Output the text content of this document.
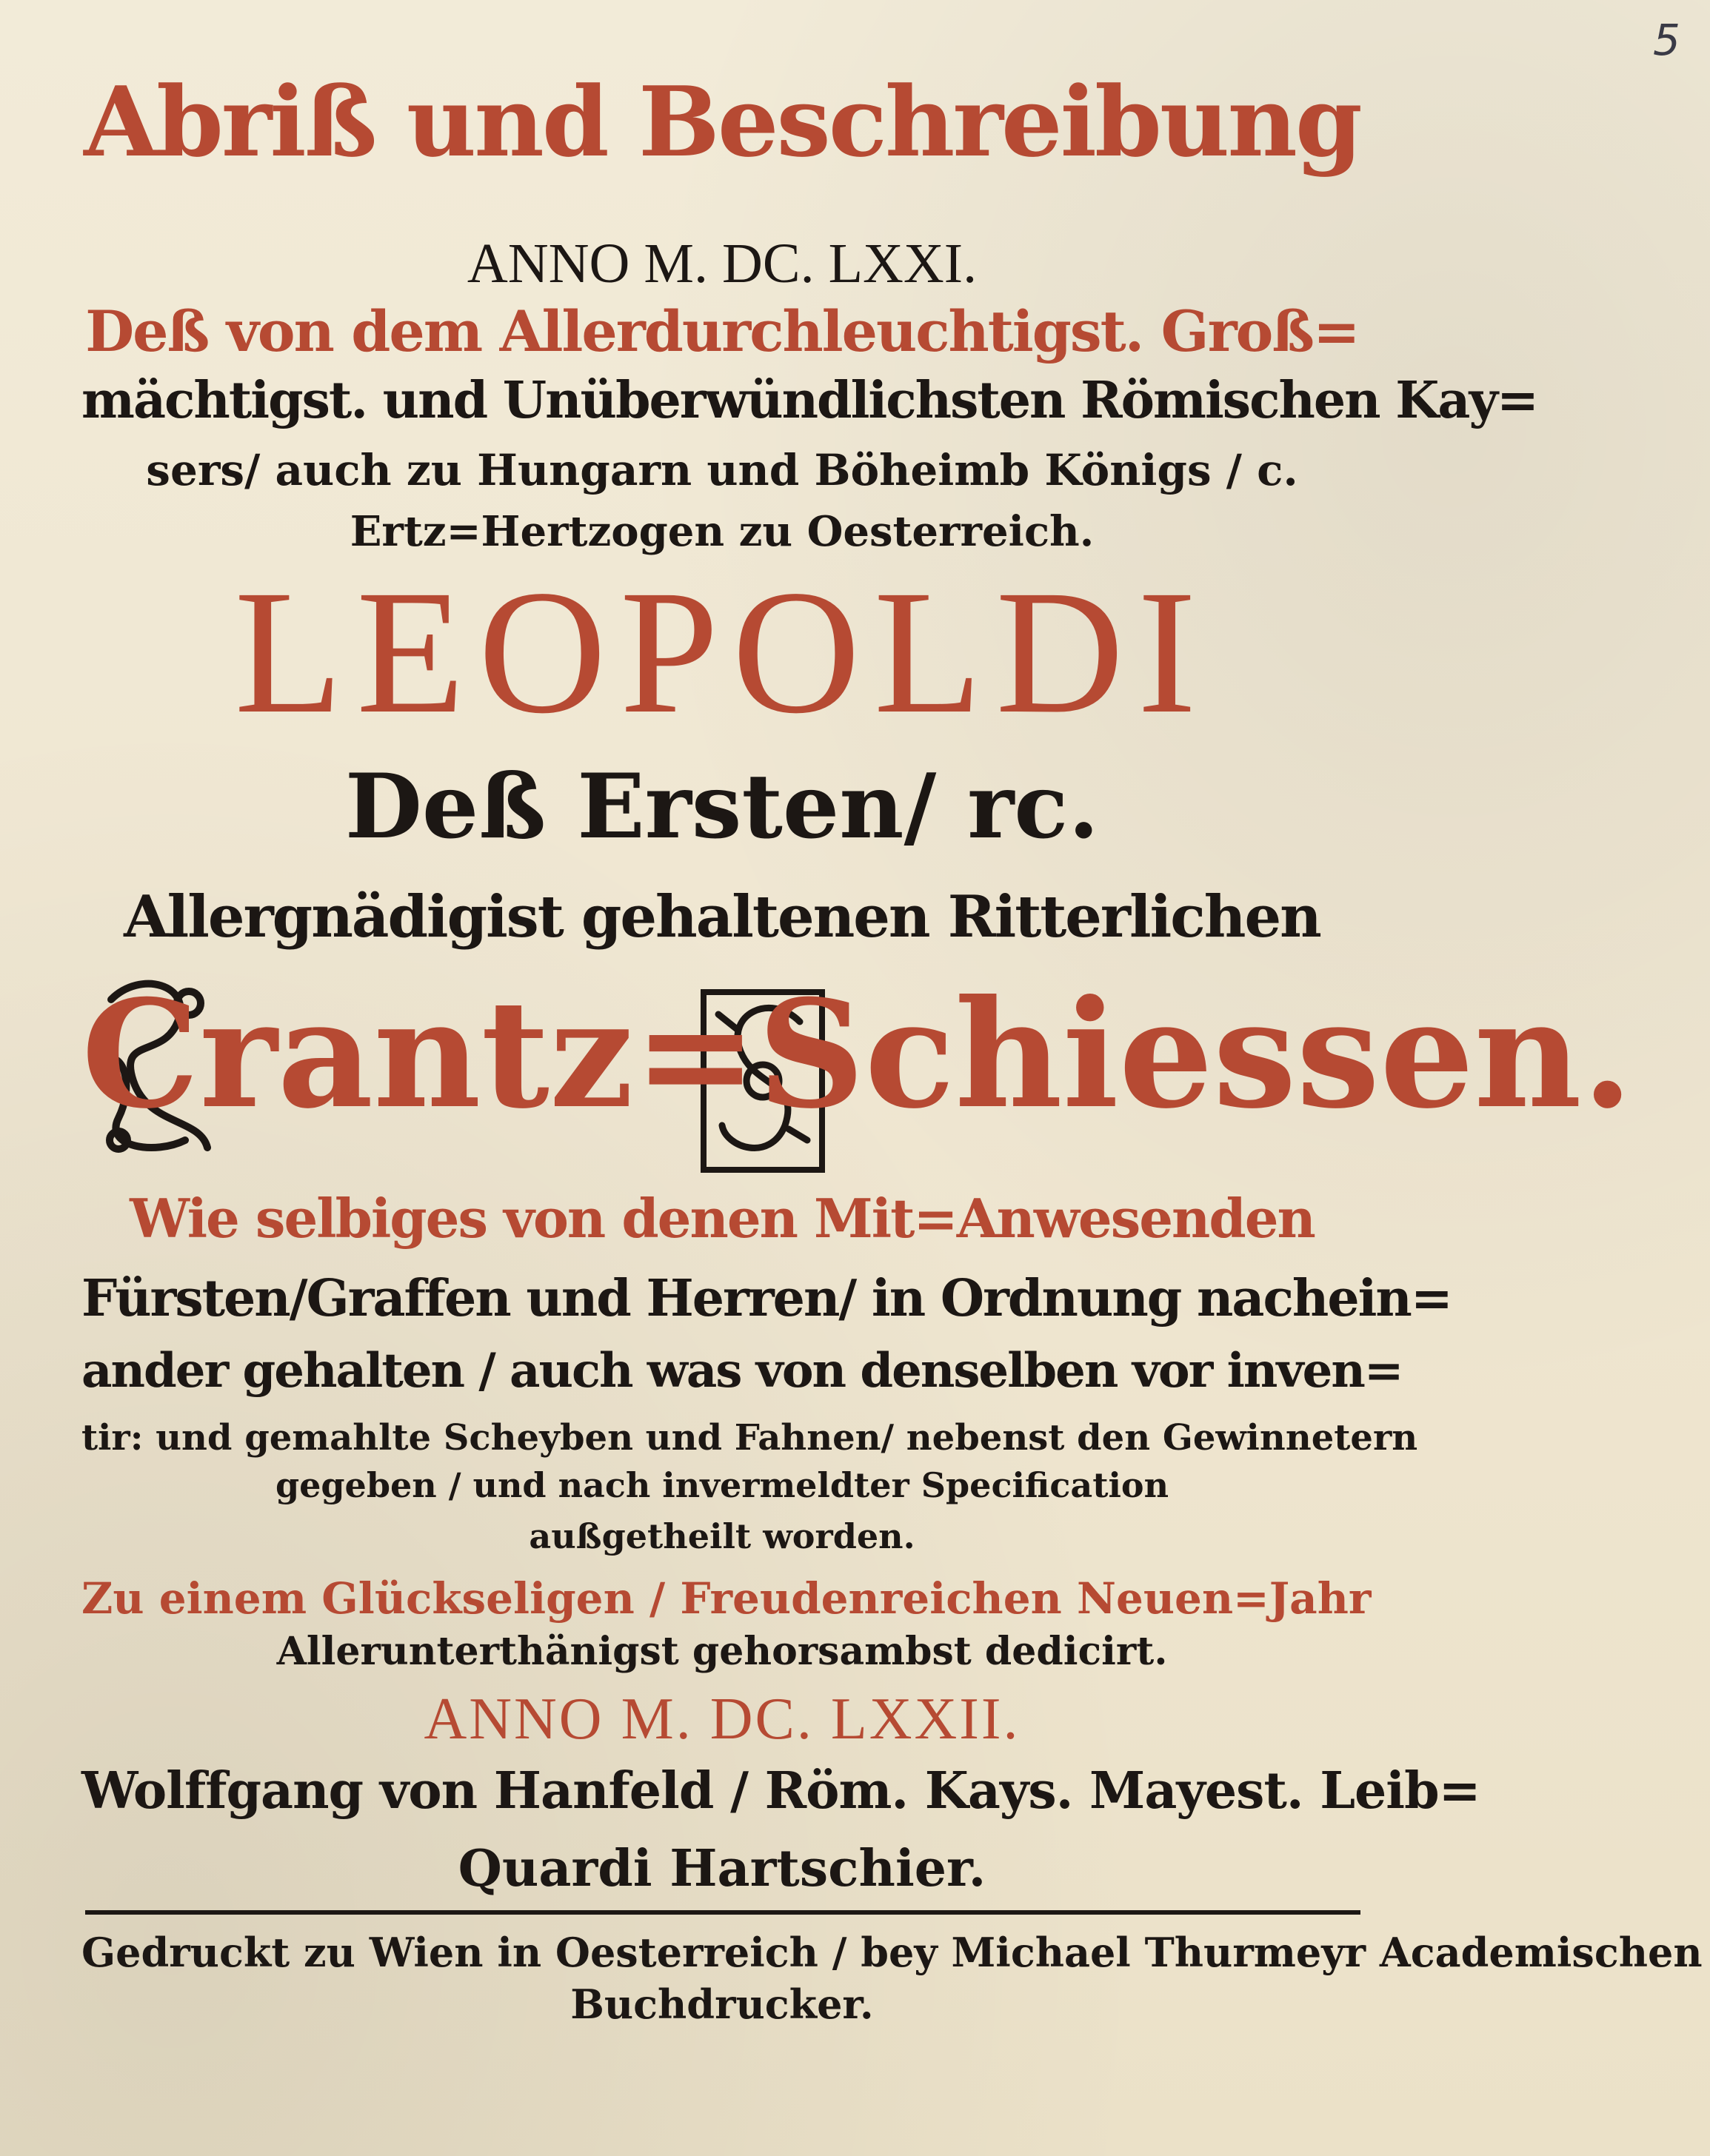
5
Abriß und Beschreibung
ANNO M. DC. LXXI.
Deß von dem Allerdurchleuchtigst. Groß=
mächtigst. und Unüberwündlichsten Römischen Kay=
sers/ auch zu Hungarn und Böheimb Königs / c.
Ertz=Hertzogen zu Oesterreich.
LEOPOLDI
Deß Ersten/ rc.
Allergnädigist gehaltenen Ritterlichen
Crantz=Schiessen.
Wie selbiges von denen Mit=Anwesenden
Fürsten/Graffen und Herren/ in Ordnung nachein=
ander gehalten / auch was von denselben vor inven=
tir: und gemahlte Scheyben und Fahnen/ nebenst den Gewinnetern
gegeben / und nach invermeldter Specification
außgetheilt worden.
Zu einem Glückseligen / Freudenreichen Neuen=Jahr
Allerunterthänigst gehorsambst dedicirt.
ANNO M. DC. LXXII.
Wolffgang von Hanfeld / Röm. Kays. Mayest. Leib=
Quardi Hartschier.
Gedruckt zu Wien in Oesterreich / bey Michael Thurmeyr Academischen
Buchdrucker.
